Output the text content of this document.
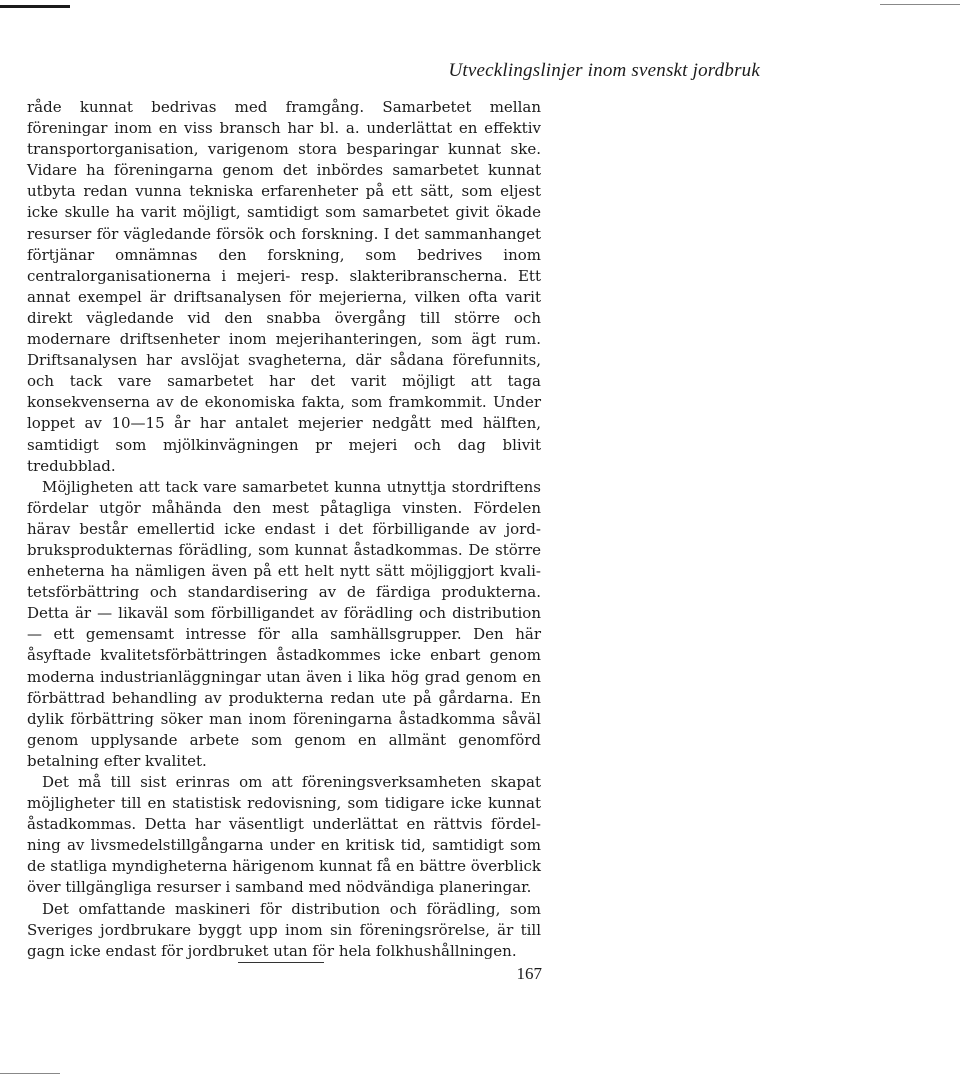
Utvecklingslinjer inom svenskt jordbruk

råde kunnat bedrivas med framgång. Samarbetet mellan föreningar inom en viss bransch har bl. a. underlättat en effektiv transportorganisation, varigenom stora besparingar kunnat ske. Vidare ha föreningarna genom det inbördes samarbetet kunnat utbyta redan vunna tekniska erfarenheter på ett sätt, som eljest icke skulle ha varit möjligt, samtidigt som samarbetet givit ökade resurser för vägledande försök och forskning. I det sammanhanget förtjänar omnämnas den forskning, som bedrives inom centralorganisationerna i mejeri- resp. slakteribranscherna. Ett annat exempel är driftsanalysen för mejerierna, vilken ofta varit direkt vägledande vid den snabba övergång till större och modernare driftsenheter inom mejerihanteringen, som ägt rum. Driftsanalysen har avslöjat svagheterna, där sådana förefunnits, och tack vare samarbetet har det varit möjligt att taga konsekvenserna av de ekonomiska fakta, som framkommit. Under loppet av 10—15 år har antalet mejerier nedgått med hälften, samtidigt som mjölkinvägningen pr mejeri och dag blivit tredubblad.

Möjligheten att tack vare samarbetet kunna utnyttja stordriftens fördelar utgör måhända den mest påtagliga vinsten. Fördelen härav består emellertid icke endast i det förbilligande av jordbruksprodukternas förädling, som kunnat åstadkommas. De större enheterna ha nämligen även på ett helt nytt sätt möjliggjort kvalitetsförbättring och standardisering av de färdiga produkterna. Detta är — likaväl som förbilligandet av förädling och distribution — ett gemensamt intresse för alla samhällsgrupper. Den här åsyftade kvalitetsförbättringen åstadkommes icke enbart genom moderna industrianläggningar utan även i lika hög grad genom en förbättrad behandling av produkterna redan ute på gårdarna. En dylik förbättring söker man inom föreningarna åstadkomma såväl genom upplysande arbete som genom en allmänt genomförd betalning efter kvalitet.

Det må till sist erinras om att föreningsverksamheten skapat möjligheter till en statistisk redovisning, som tidigare icke kunnat åstadkommas. Detta har väsentligt underlättat en rättvis fördelning av livsmedelstillgångarna under en kritisk tid, samtidigt som de statliga myndigheterna härigenom kunnat få en bättre överblick över tillgängliga resurser i samband med nödvändiga planeringar.

Det omfattande maskineri för distribution och förädling, som Sveriges jordbrukare byggt upp inom sin föreningsrörelse, är till gagn icke endast för jordbruket utan för hela folkhushållningen.

167
